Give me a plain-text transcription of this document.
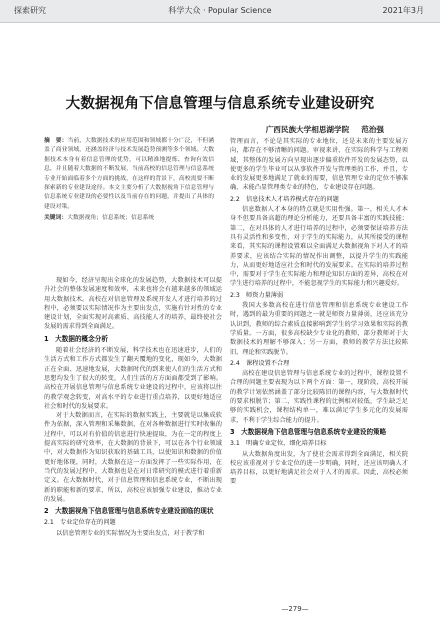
探索研究	科学大众 · Popular Science	2021年3月
大数据视角下信息管理与信息系统专业建设研究
广西民族大学相思湖学院 范治强
摘　要：当前，大数据技术的应用范围和领域都十分广泛，不但涵盖了商业领域，还涵盖经济与技术发展趋势预测等多个领域。大数据技术本身有着信息管理的优势，可以精准地提炼、查询有效信息，并且随着大数据的不断发展，当前高校的信息管理与信息系统专业开始面临着多个方面的挑战，在这样的背景下，高校需要不断探索新的专业建设途径。本文主要分析了大数据视角下信息管理与信息系统专业建设的必要性以及当前存在的问题，并提出了具体的建设对策。
关键词：大数据视角；信息系统；信息系统

现如今，经济呈现出全球化的发展趋势，大数据技术可以提升社会的整体发展速度和效率，未来也将会有越来越多的领域运用大数据技术。高校在对信息管理及系统开发人才进行培养的过程中，必须要以实际情况作为主要出发点，实施有针对性的专业建设计划，全面实现对高素质、高技能人才的培养，最终使社会发展的需求得到全面满足。

1　大数据的概念分析

随着社会经济的不断发展，科学技术也在迅速进步，人们的生活方式和工作方式都发生了翻天覆地的变化，现如今，大数据正在全面、迅速地发展，大数据时代的到来使人们的生活方式和思想均发生了很大的转变，人们生活的方方面面都受到了影响。高校在开展信息管理与信息系统专业建设的过程中，应该将以往的教学观念转变，对高水平的专业进行重点培养，以更好地适应社会和时代的发展要求。

对于大数据而言，在实际的数据实践上，主要就是以集成软件为依据，深入管理和采集数据，在对各种数据进行实时收集的过程中，可以对有价值的信息进行快速提取，为在一定的程度上提高实际的研究效率，在大数据的背景下，可以在各个行业领域中，对大数据作为知识获取的基础工具，以使知识和数据的价值更好地体现，同时，大数据在这一方面发挥了一些实际作用，在当代的发展过程中，大数据也是在对日常研究的模式进行着重新定义。在大数据时代，对于信息管理和信息系统专业，不断出现新的职能和新的要求，所以，高校应该加强专业建设，推动专业的发展。

2　大数据视角下信息管理与信息系统专业建设面临的现状

2.1　专业定位存在的问题

以信息管理专业的实际情况为主要出发点，对于教学和

管理而言，不论是其实际的专业地位，还是未来的主要发展方向，都存在不够清晰的问题。审视来讲，在实际的科学与工程领域，其整体的发展方向呈现出逐步偏重软件开发的发展态势，以使更多的学生毕业可以从事软件开发与管理类的工作，并且，专业的发展更多地满足了就业的需要，信息管理专业的定位不够准确，未能凸显管理类专业的特色，专业建设存在问题。

2.2　信息技术人才培养模式存在的问题

信息数据人才本身的特点就是实用性强。第一，相关人才本身不但要具备高超的理论分析能力，还要具备丰富的实践技能；第二，在对具体的人才进行培养的过程中，必须要保证培养方法具有灵活性和多变性，对于学生的实际能力，从其所接受的课程来看，其实际的课程设置难以全面满足大数据视角下对人才的培养要求，应该结合实际的情况作出调整，以提升学生的实践能力，从而更好地适应社会和时代的发展要求。在实际的培养过程中，需要对于学生在实际能力和理论知识方面的差异，高校在对学生进行培养的过程中，不能忽视学生的实际能力和兴趣爱好。

2.3　师资力量薄弱

我国大多数高校在进行信息管理和信息系统专业建设工作时，遇到的最为重要的问题之一就是师资力量薄弱，还应该充分认识到，教师的综合素质直接影响到学生的学习效果和实际的教学质量。一方面，很多高校缺少专业化的教师，部分教师对于大数据技术的理解不够深入；另一方面，教师的教学方法比较陈旧，理论和实践脱节。

2.4　课程设置不合理

高校在建设信息管理与信息系统专业的过程中，课程设置不合理的问题主要表现为以下两个方面：第一，现阶段，高校开展的教学计划依然涵盖了部分比较陈旧的课程内容，与大数据时代的要求相脱节；第二，实践性课程的比例相对较低，学生缺乏足够的实践机会，课程结构单一，难以满足学生多元化的发展需求，不利于学生综合能力的提升。

3　大数据视角下信息管理与信息系统专业建设的策略

3.1　明确专业定位，细化培养目标

从大数据角度出发，为了使社会需求得到全面满足，相关院校应该重视对于专业定位的进一步明确，同时，还应该明确人才培养目标，以更好地满足社会对于人才的需求。因此，高校必须要

—279—
